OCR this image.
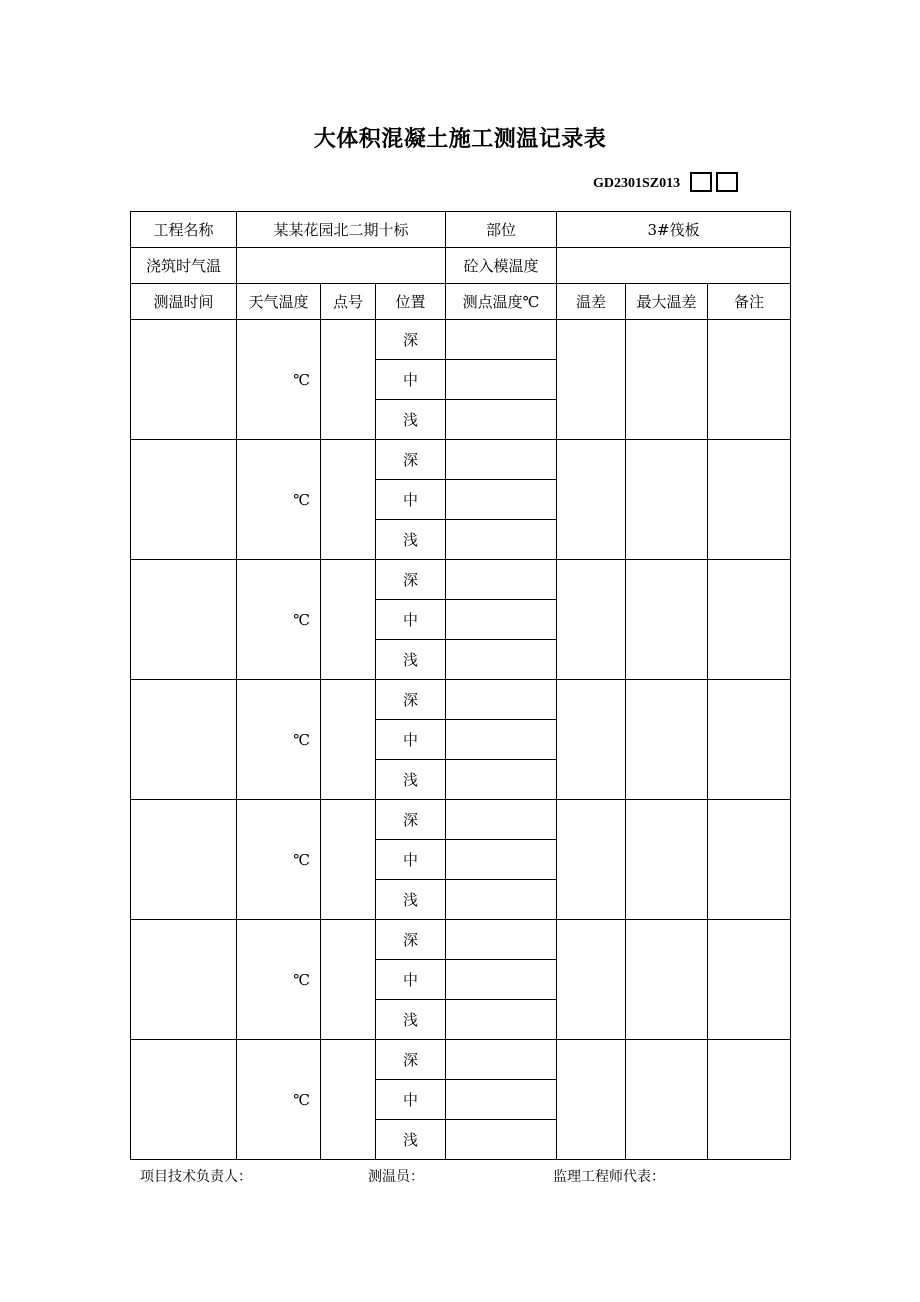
大体积混凝土施工测温记录表
GD2301SZ013
工程名称	某某花园北二期十标			部位	3#筏板		
浇筑时气温				砼入模温度			
测温时间	天气温度	点号	位置	测点温度℃	温差	最大温差	备注
	℃		深				
			中				
			浅				
	℃		深				
			中				
			浅				
	℃		深				
			中				
			浅				
	℃		深				
			中				
			浅				
	℃		深				
			中				
			浅				
	℃		深				
			中				
			浅				
	℃		深				
			中				
			浅				
项目技术负责人：	测温员：	监理工程师代表：
